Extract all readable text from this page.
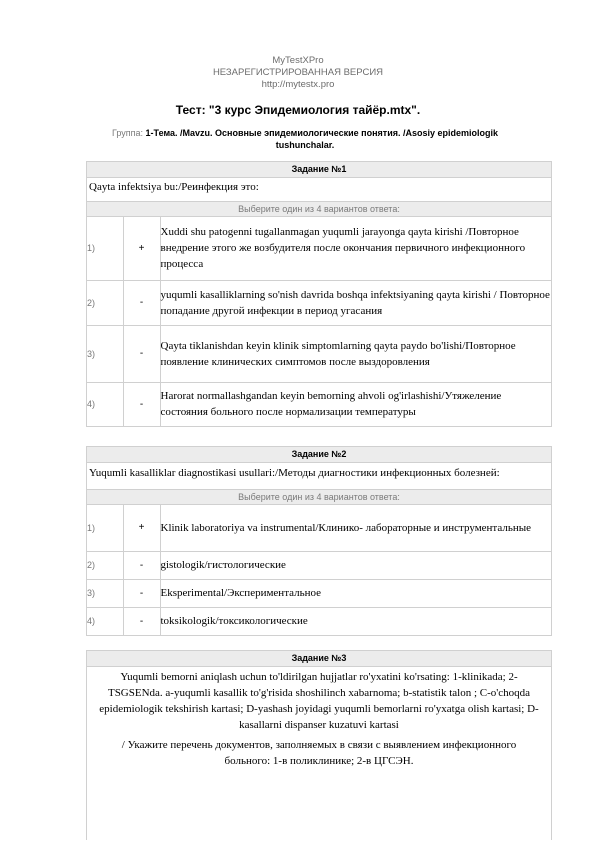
MyTestXPro
НЕЗАРЕГИСТРИРОВАННАЯ ВЕРСИЯ
http://mytestx.pro
Тест: "3 курс Эпидемиология тайёр.mtx".
Группа: 1-Тема. /Mavzu. Основные эпидемиологические понятия. /Asosiy epidemiologik tushunchalar.
Задание №1
Qayta infektsiya bu:/Реинфекция это:
Выберите один из 4 вариантов ответа:
1)	+	Xuddi shu patogenni tugallanmagan yuqumli jarayonga qayta kirishi /Повторное внедрение этого же возбудителя после окончания первичного инфекционного процесса
2)	-	yuqumli kasalliklarning so'nish davrida boshqa infektsiyaning qayta kirishi / Повторное попадание другой инфекции в период угасания
3)	-	Qayta tiklanishdan keyin klinik simptomlarning qayta paydo bo'lishi/Повторное появление клинических симптомов после выздоровления
4)	-	Harorat normallashgandan keyin bemorning ahvoli og'irlashishi/Утяжеление состояния больного после нормализации температуры
Задание №2
Yuqumli kasalliklar diagnostikasi usullari:/Методы диагностики инфекционных болезней:
Выберите один из 4 вариантов ответа:
1)	+	Klinik laboratoriya va instrumental/Клинико- лабораторные и инструментальные
2)	-	gistologik/гистологические
3)	-	Eksperimental/Экспериментальное
4)	-	toksikologik/токсикологические
Задание №3
Yuqumli bemorni aniqlash uchun to'ldirilgan hujjatlar ro'yxatini ko'rsating: 1-klinikada; 2-TSGSENda. a-yuqumli kasallik to'g'risida shoshilinch xabarnoma; b-statistik talon ; C-o'choqda epidemiologik tekshirish kartasi; D-yashash joyidagi yuqumli bemorlarni ro'yxatga olish kartasi; D-kasallarni dispanser kuzatuvi kartasi
/ Укажите перечень документов, заполняемых в связи с выявлением инфекционного больного: 1-в поликлинике; 2-в ЦГСЭН.
